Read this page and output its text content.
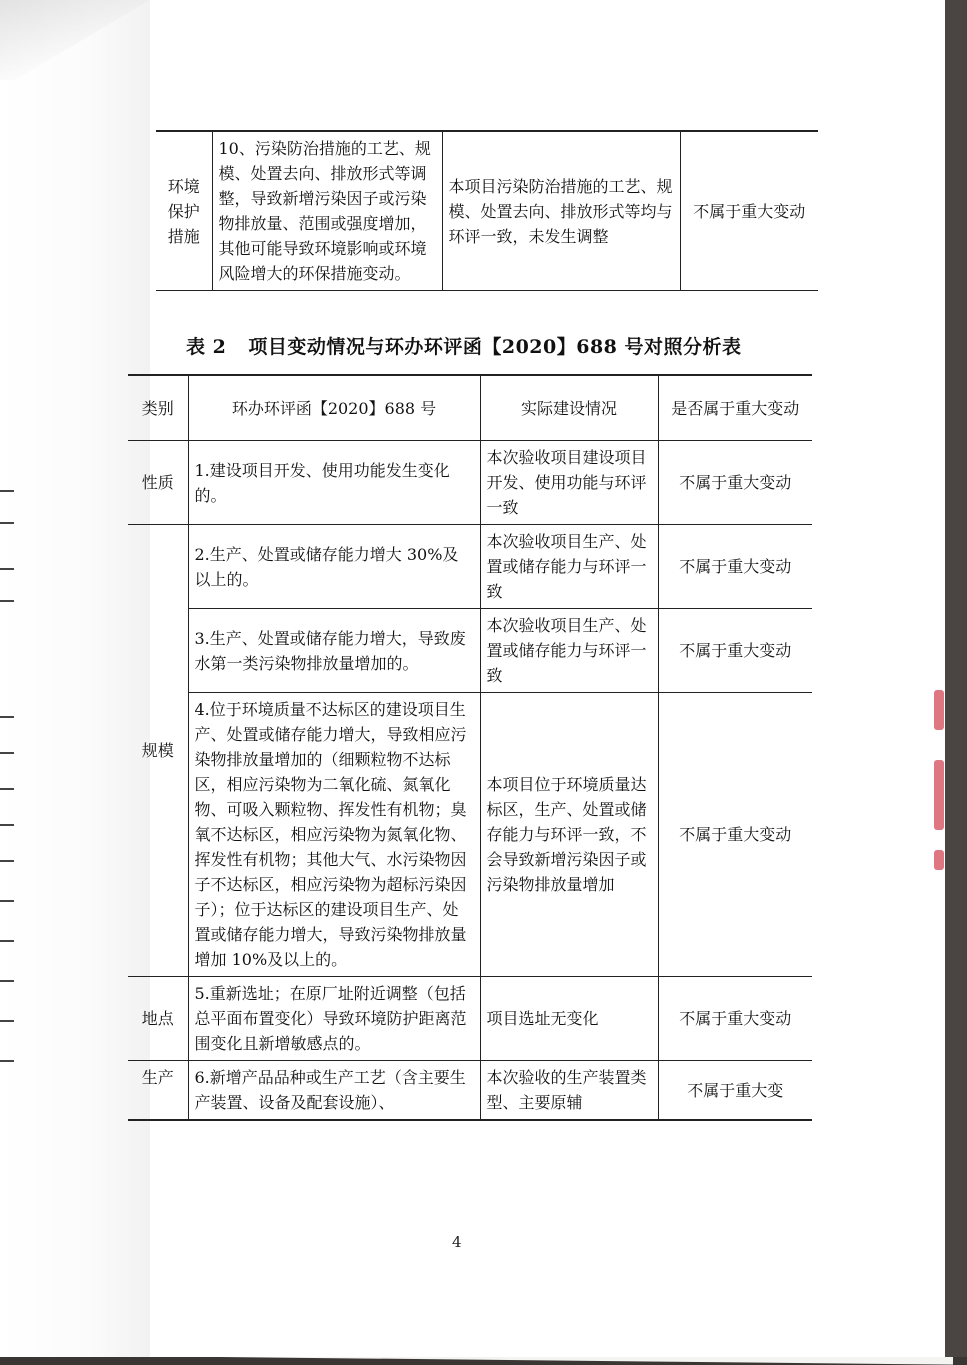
环境保护措施	10、污染防治措施的工艺、规模、处置去向、排放形式等调整，导致新增污染因子或污染物排放量、范围或强度增加，其他可能导致环境影响或环境风险增大的环保措施变动。	本项目污染防治措施的工艺、规模、处置去向、排放形式等均与环评一致，未发生调整	不属于重大变动
表 2 项目变动情况与环办环评函【2020】688 号对照分析表
类别	环办环评函【2020】688 号	实际建设情况	是否属于重大变动
性质	1.建设项目开发、使用功能发生变化的。	本次验收项目建设项目开发、使用功能与环评一致	不属于重大变动
规模	2.生产、处置或储存能力增大 30%及以上的。	本次验收项目生产、处置或储存能力与环评一致	不属于重大变动
	3.生产、处置或储存能力增大，导致废水第一类污染物排放量增加的。	本次验收项目生产、处置或储存能力与环评一致	不属于重大变动
	4.位于环境质量不达标区的建设项目生产、处置或储存能力增大，导致相应污染物排放量增加的（细颗粒物不达标区，相应污染物为二氧化硫、氮氧化物、可吸入颗粒物、挥发性有机物；臭氧不达标区，相应污染物为氮氧化物、挥发性有机物；其他大气、水污染物因子不达标区，相应污染物为超标污染因子）；位于达标区的建设项目生产、处置或储存能力增大，导致污染物排放量增加 10%及以上的。	本项目位于环境质量达标区，生产、处置或储存能力与环评一致，不会导致新增污染因子或污染物排放量增加	不属于重大变动
地点	5.重新选址；在原厂址附近调整（包括总平面布置变化）导致环境防护距离范围变化且新增敏感点的。	项目选址无变化	不属于重大变动
生产	6.新增产品品种或生产工艺（含主要生产装置、设备及配套设施）、	本次验收的生产装置类型、主要原辅	不属于重大变
4
